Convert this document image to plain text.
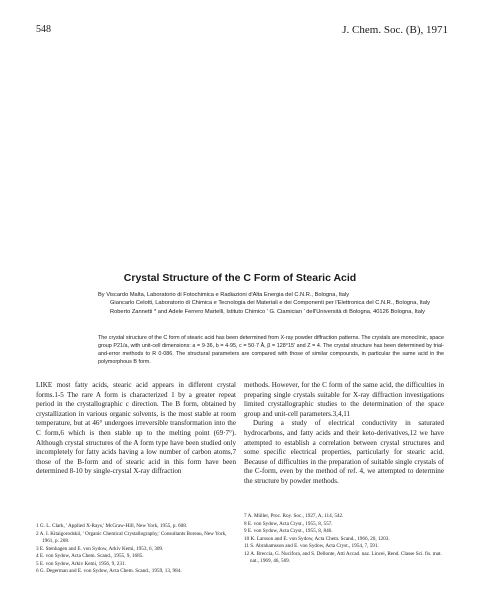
548	J. Chem. Soc. (B), 1971
Crystal Structure of the C Form of Stearic Acid

By Viscardo Malta, Laboratorio di Fotochimica e Radiazioni d'Alta Energia del C.N.R., Bologna, Italy

Giancarlo Celotti, Laboratorio di Chimica e Tecnologia dei Materiali e dei Componenti per l'Elettronica del C.N.R., Bologna, Italy

Roberto Zannetti * and Adele Ferrero Martelli, Istituto Chimico ' G. Ciamician ' dell'Università di Bologna, 40126 Bologna, Italy

The crystal structure of the C form of stearic acid has been determined from X-ray powder diffraction patterns. The crystals are monoclinic, space group P21/a, with unit-cell dimensions: a = 9·36, b = 4·95, c = 50·7 Å, β = 128°15' and Z = 4. The crystal structure has been determined by trial-and-error methods to R 0·086. The structural parameters are compared with those of similar compounds, in particular the same acid in the polymorphous B form.

LIKE most fatty acids, stearic acid appears in different crystal forms.1-5 The rare A form is characterized 1 by a greater repeat period in the crystallographic c direction. The B form, obtained by crystallization in various organic solvents, is the most stable at room temperature, but at 46° undergoes irreversible transformation into the C form,6 which is then stable up to the melting point (69·7°). Although crystal structures of the A form type have been studied only incompletely for fatty acids having a low number of carbon atoms,7 those of the B-form and of stearic acid in this form have been determined 8-10 by single-crystal X-ray diffraction

methods. However, for the C form of the same acid, the difficulties in preparing single crystals suitable for X-ray diffraction investigations limited crystallographic studies to the determination of the space group and unit-cell parameters.3,4,11

During a study of electrical conductivity in saturated hydrocarbons, and fatty acids and their keto-derivatives,12 we have attempted to establish a correlation between crystal structures and some specific electrical properties, particularly for stearic acid. Because of difficulties in the preparation of suitable single crystals of the C-form, even by the method of ref. 4, we attempted to determine the structure by powder methods.

1 G. L. Clark, ' Applied X-Rays,' McGraw-Hill, New York, 1955, p. 608.

2 A. I. Kitaigorodskii, ' Organic Chemical Crystallography,' Consultants Bureau, New York, 1961, p. 208.

3 E. Stenhagen and E. von Sydow, Arkiv Kemi, 1953, 6, 309.

4 E. von Sydow, Acta Chem. Scand., 1955, 9, 1685.

5 E. von Sydow, Arkiv Kemi, 1956, 9, 231.

6 G. Degerman and E. von Sydow, Acta Chem. Scand., 1959, 13, 984.

7 A. Müller, Proc. Roy. Soc., 1927, A, 114, 542.

8 E. von Sydow, Acta Cryst., 1955, 8, 557.

9 E. von Sydow, Acta Cryst., 1955, 8, 846.

10 K. Larsson and E. von Sydow, Acta Chem. Scand., 1966, 20, 1203.

11 S. Abrahamsson and E. von Sydow, Acta Cryst., 1954, 7, 591.

12 A. Breccia, G. Nucifora, and S. Dellonte, Atti Accad. naz. Lincei, Rend. Classe Sci. fis. mat. nat., 1969, 46, 569.
